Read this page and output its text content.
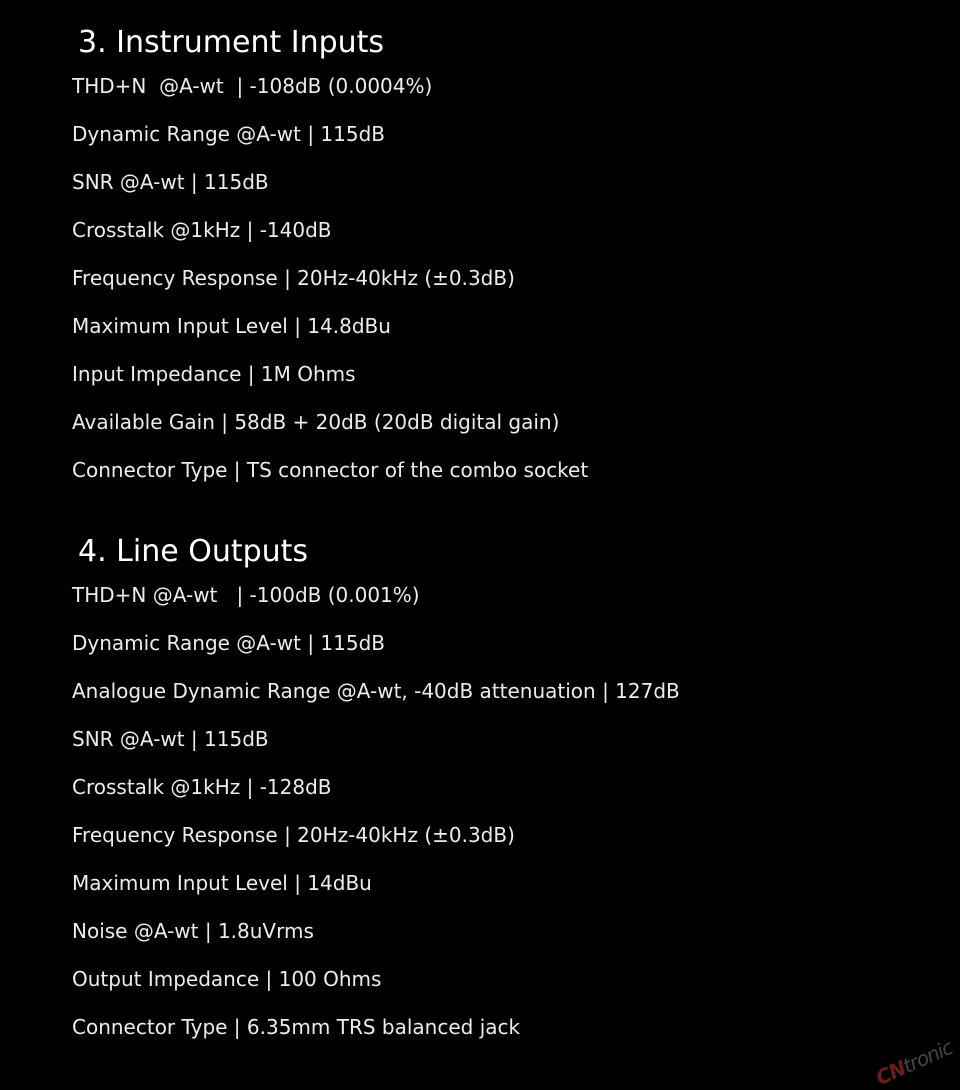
3. Instrument Inputs
THD+N  @A-wt  | -108dB (0.0004%)
Dynamic Range @A-wt | 115dB
SNR @A-wt | 115dB
Crosstalk @1kHz | -140dB
Frequency Response | 20Hz-40kHz (±0.3dB)
Maximum Input Level | 14.8dBu
Input Impedance | 1M Ohms
Available Gain | 58dB + 20dB (20dB digital gain)
Connector Type | TS connector of the combo socket
4. Line Outputs
THD+N @A-wt   | -100dB (0.001%)
Dynamic Range @A-wt | 115dB
Analogue Dynamic Range @A-wt, -40dB attenuation | 127dB
SNR @A-wt | 115dB
Crosstalk @1kHz | -128dB
Frequency Response | 20Hz-40kHz (±0.3dB)
Maximum Input Level | 14dBu
Noise @A-wt | 1.8uVrms
Output Impedance | 100 Ohms
Connector Type | 6.35mm TRS balanced jack
CNtronic
